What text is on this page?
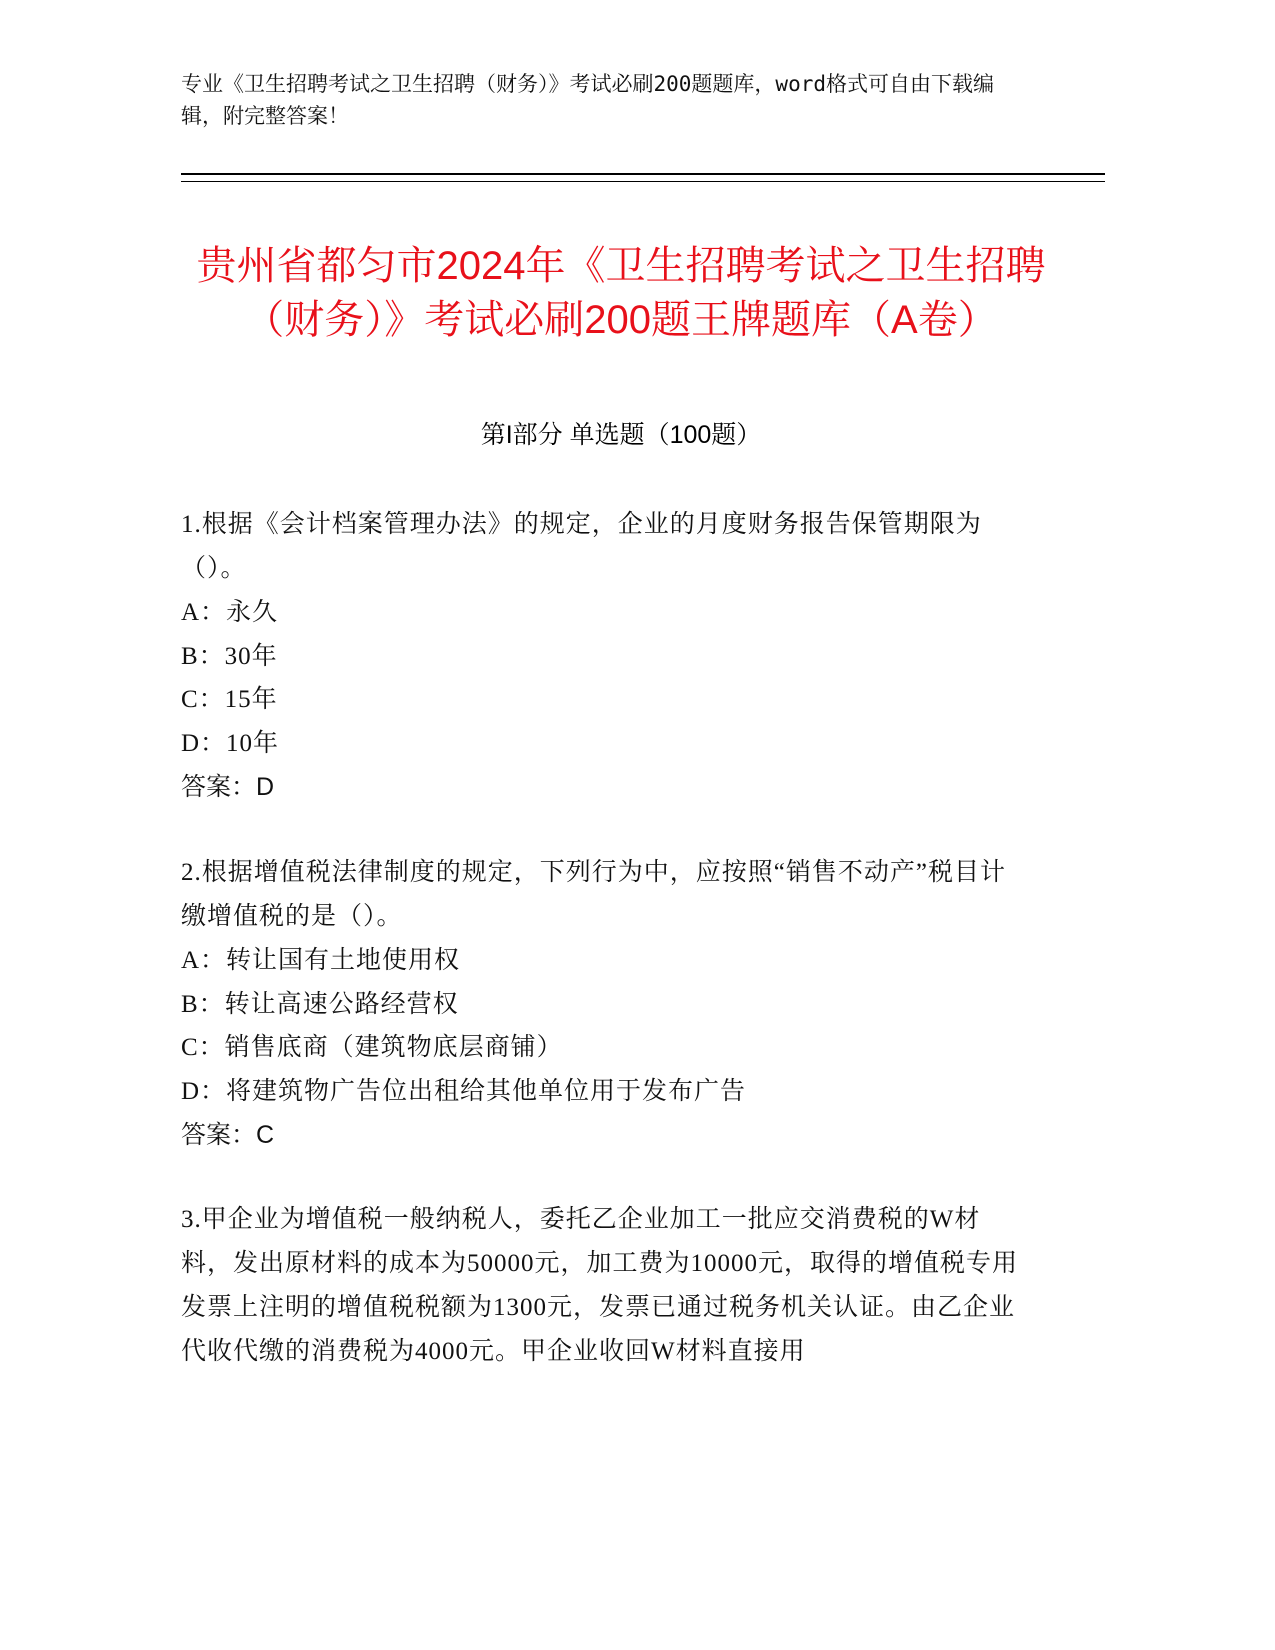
专业《卫生招聘考试之卫生招聘（财务）》考试必刷200题题库，word格式可自由下载编辑，附完整答案！
贵州省都匀市2024年《卫生招聘考试之卫生招聘（财务）》考试必刷200题王牌题库（A卷）
第I部分 单选题（100题）
1.根据《会计档案管理办法》的规定，企业的月度财务报告保管期限为（）。
A：永久
B：30年
C：15年
D：10年
答案：D
2.根据增值税法律制度的规定，下列行为中，应按照“销售不动产”税目计缴增值税的是（）。
A：转让国有土地使用权
B：转让高速公路经营权
C：销售底商（建筑物底层商铺）
D：将建筑物广告位出租给其他单位用于发布广告
答案：C
3.甲企业为增值税一般纳税人，委托乙企业加工一批应交消费税的W材料，发出原材料的成本为50000元，加工费为10000元，取得的增值税专用发票上注明的增值税税额为1300元，发票已通过税务机关认证。由乙企业代收代缴的消费税为4000元。甲企业收回W材料直接用
